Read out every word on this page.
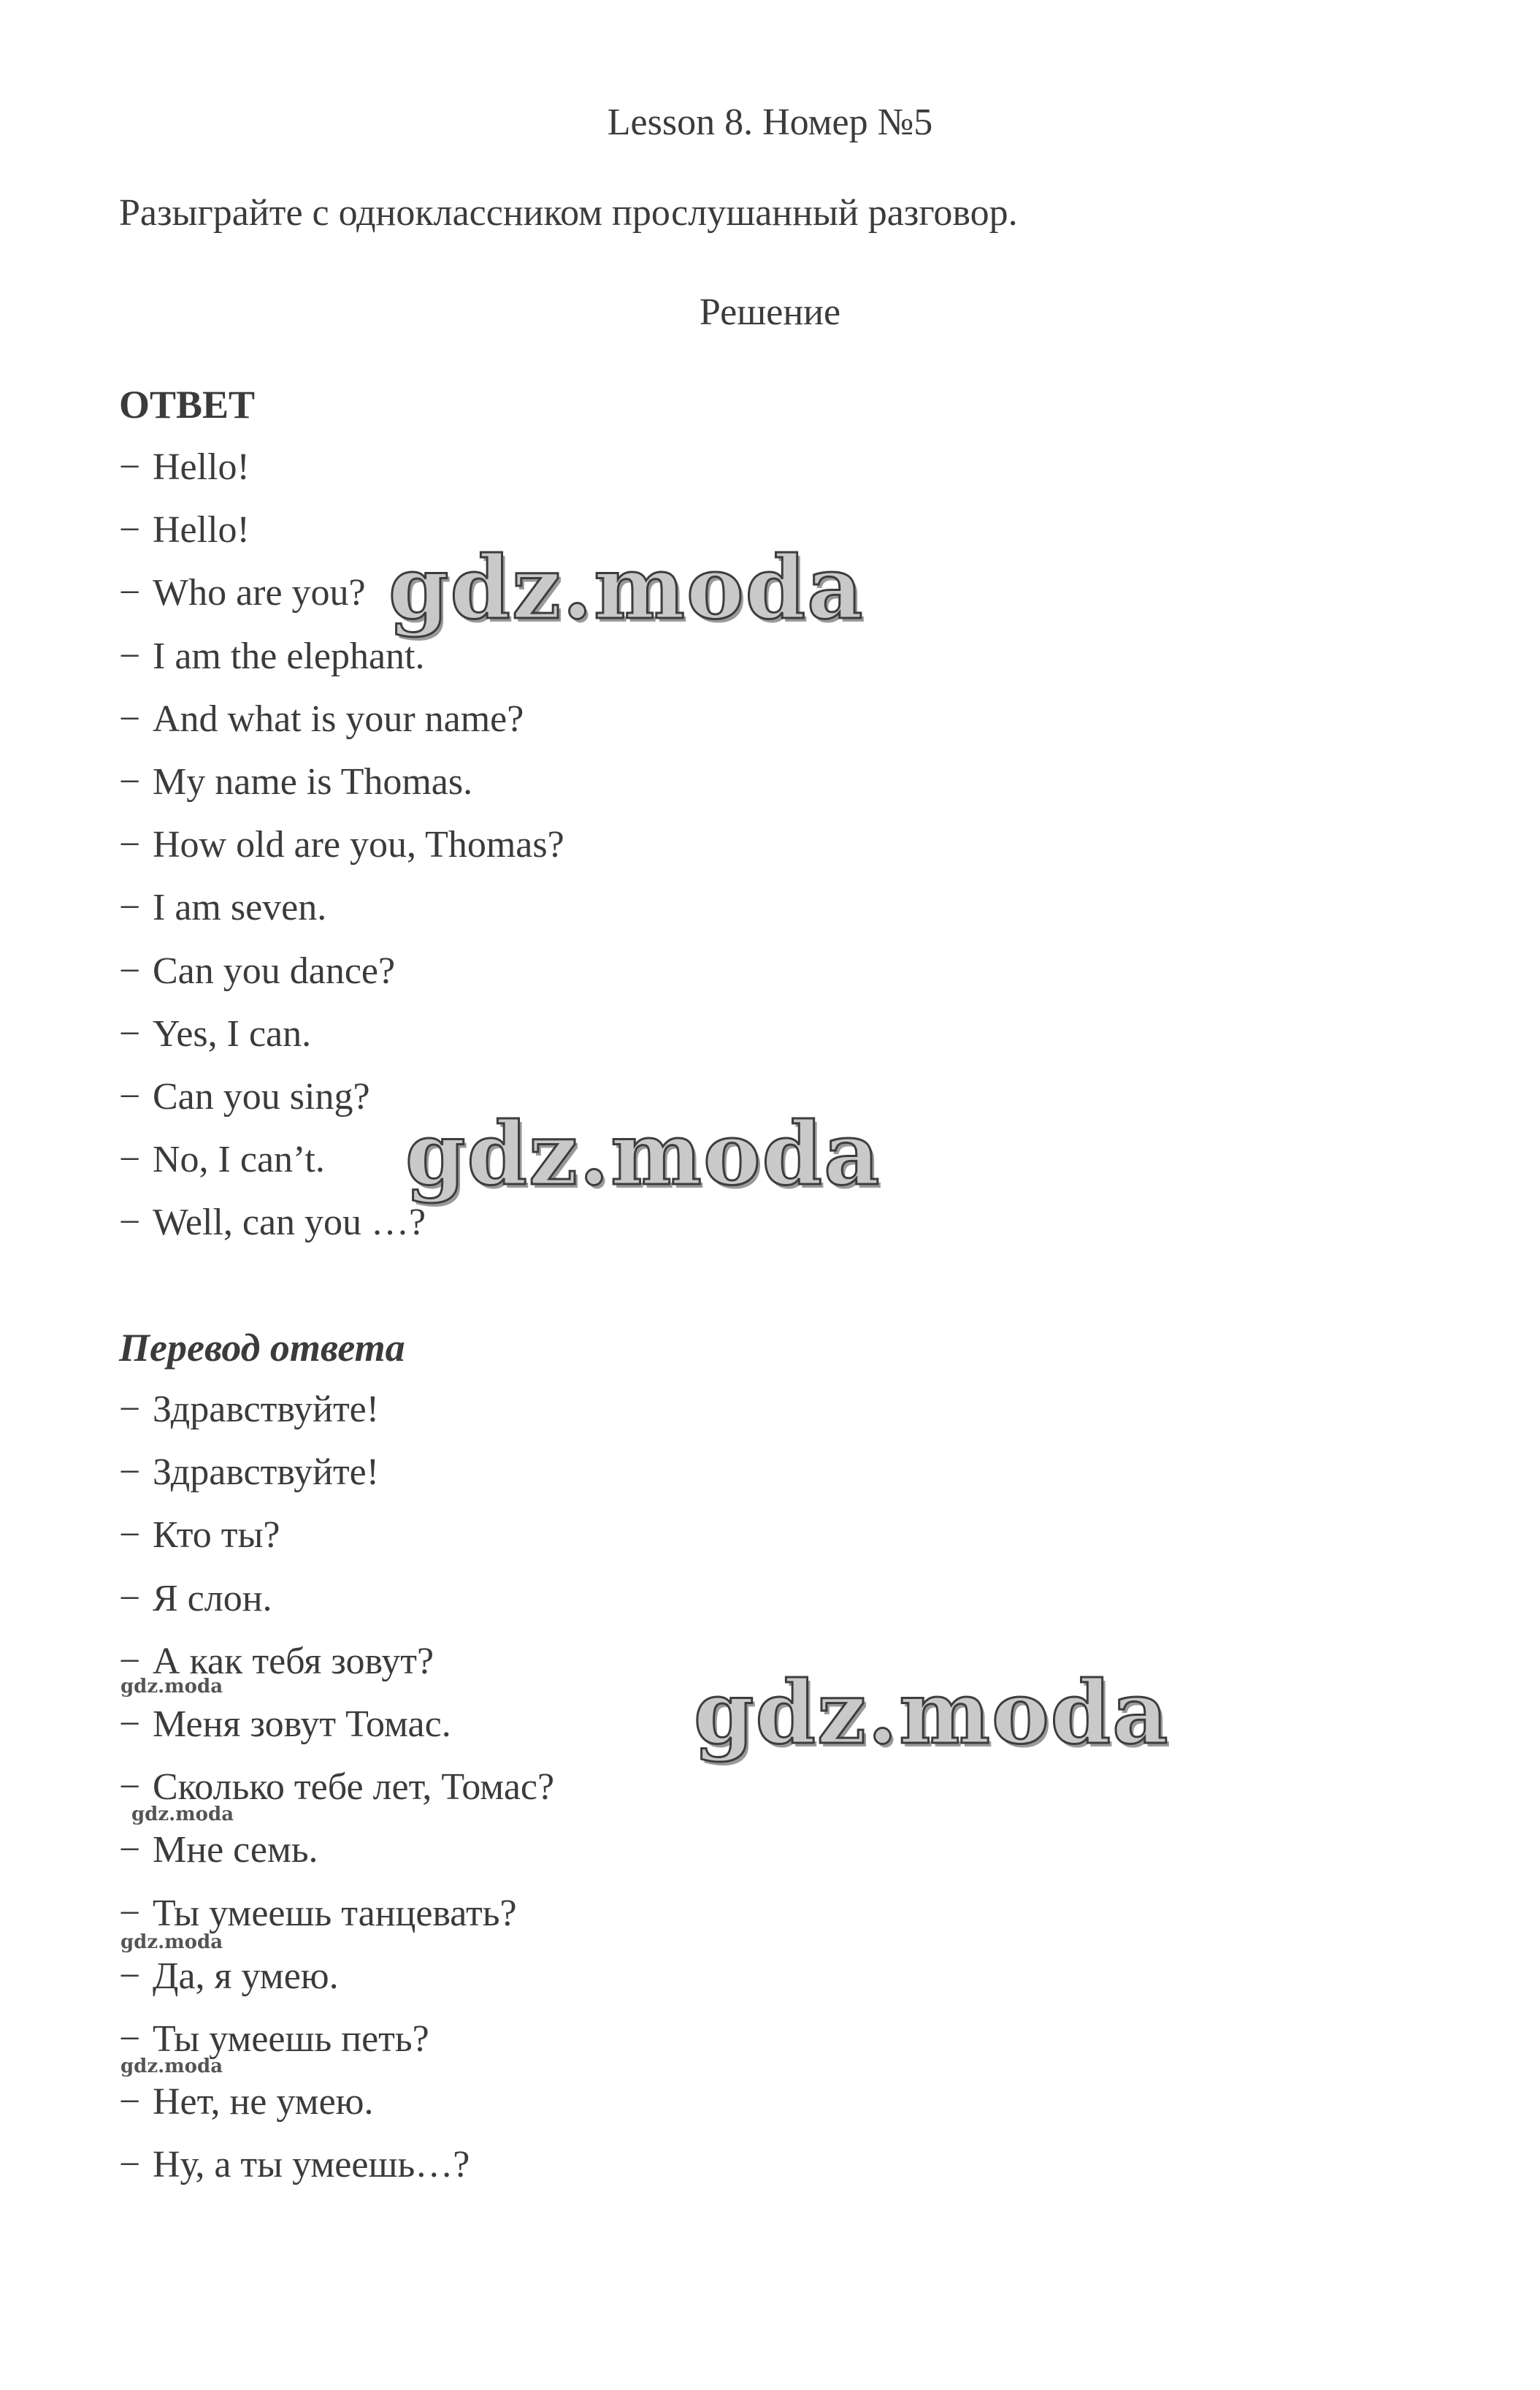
Lesson 8. Номер №5
Разыграйте с одноклассником прослушанный разговор.
Решение
ОТВЕТ
− Hello!
− Hello!
− Who are you?
− I am the elephant.
− And what is your name?
− My name is Thomas.
− How old are you, Thomas?
− I am seven.
− Can you dance?
− Yes, I can.
− Can you sing?
− No, I can’t.
− Well, can you …?
Перевод ответа
− Здравствуйте!
− Здравствуйте!
− Кто ты?
− Я слон.
− А как тебя зовут?
− Меня зовут Томас.
− Сколько тебе лет, Томас?
− Мне семь.
− Ты умеешь танцевать?
− Да, я умею.
− Ты умеешь петь?
− Нет, не умею.
− Ну, а ты умеешь…?
gdz.moda
gdz.moda
gdz.moda
gdz.moda
gdz.moda
gdz.moda
gdz.moda
